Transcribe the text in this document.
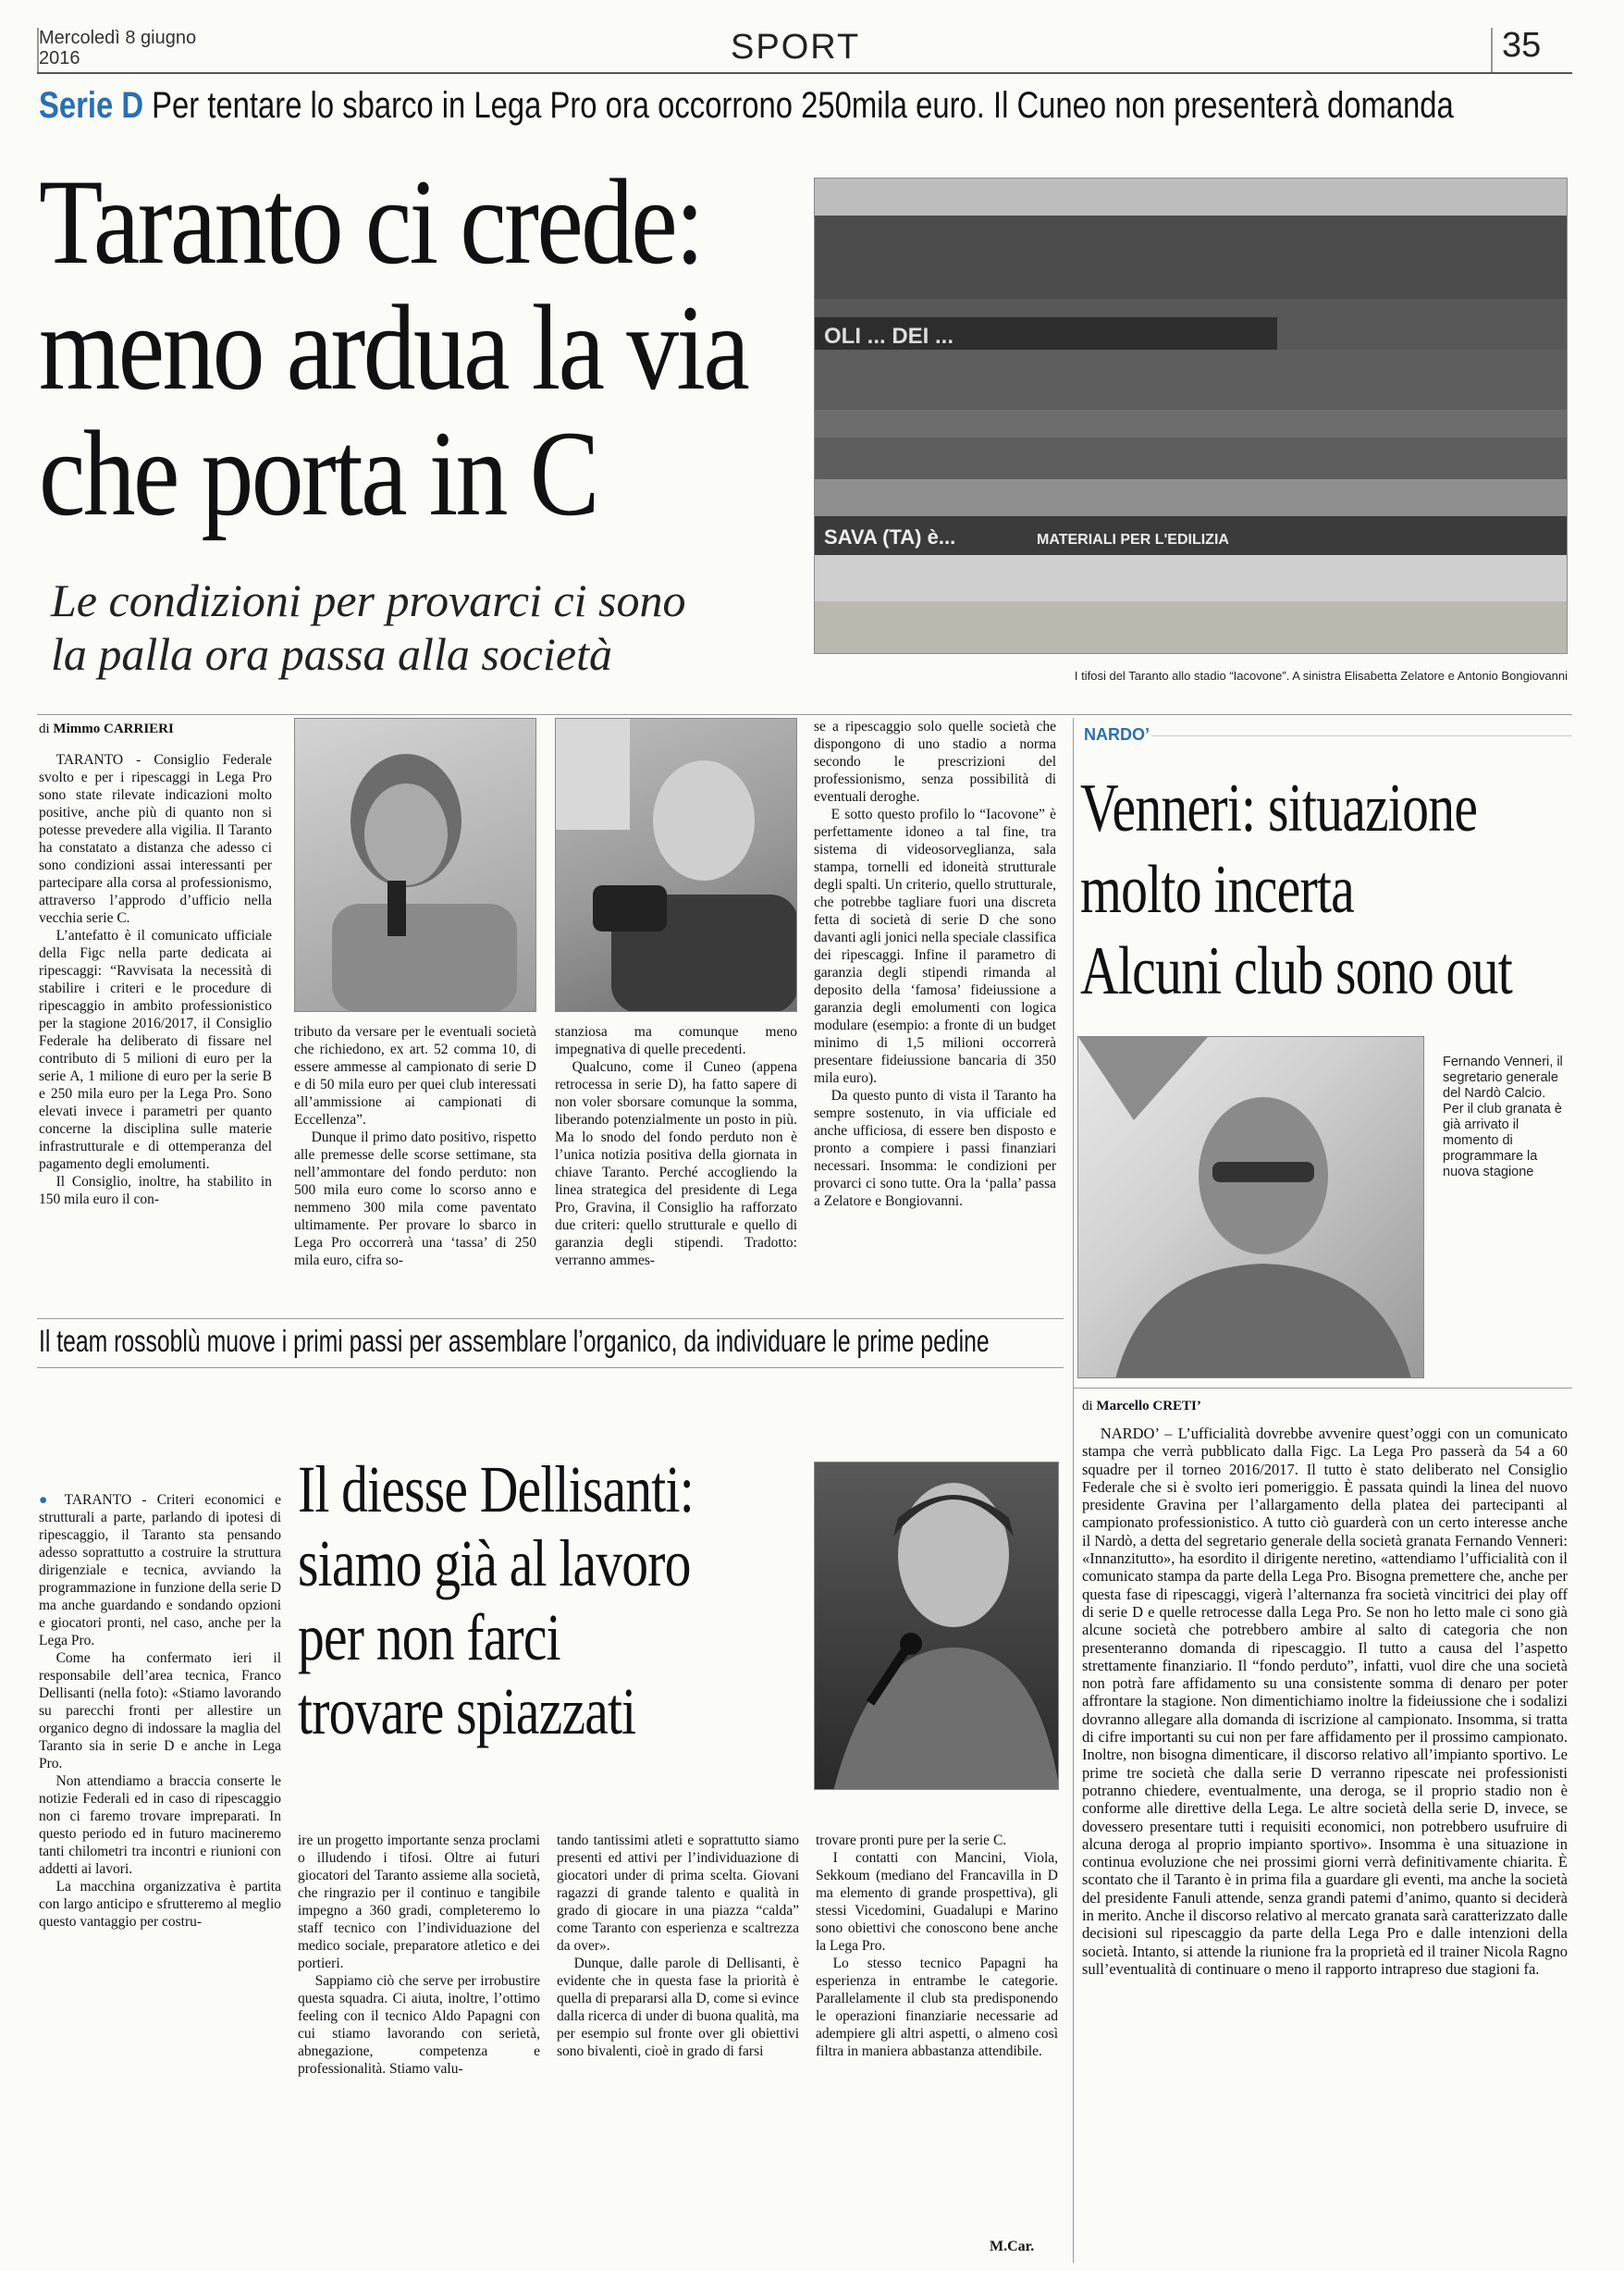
Mercoledì 8 giugno
2016	SPORT	35
Serie D Per tentare lo sbarco in Lega Pro ora occorrono 250mila euro. Il Cuneo non presenterà domanda
Taranto ci crede:
meno ardua la via
che porta in C
Le condizioni per provarci ci sono
la palla ora passa alla società
OLI ... DEI ...
SAVA (TA) è...	MATERIALI PER L'EDILIZIA
I tifosi del Taranto allo stadio “Iacovone”. A sinistra Elisabetta Zelatore e Antonio Bongiovanni
di Mimmo CARRIERI

TARANTO - Consiglio Federale svolto e per i ripescaggi in Lega Pro sono state rilevate indicazioni molto positive, anche più di quanto non si potesse prevedere alla vigilia. Il Taranto ha constatato a distanza che adesso ci sono condizioni assai interessanti per partecipare alla corsa al professionismo, attraverso l’approdo d’ufficio nella vecchia serie C.

L’antefatto è il comunicato ufficiale della Figc nella parte dedicata ai ripescaggi: “Ravvisata la necessità di stabilire i criteri e le procedure di ripescaggio in ambito professionistico per la stagione 2016/2017, il Consiglio Federale ha deliberato di fissare nel contributo di 5 milioni di euro per la serie A, 1 milione di euro per la serie B e 250 mila euro per la Lega Pro. Sono elevati invece i parametri per quanto concerne la disciplina sulle materie infrastrutturale e di ottemperanza del pagamento degli emolumenti.

Il Consiglio, inoltre, ha stabilito in 150 mila euro il con-

tributo da versare per le eventuali società che richiedono, ex art. 52 comma 10, di essere ammesse al campionato di serie D e di 50 mila euro per quei club interessati all’ammissione ai campionati di Eccellenza”.

Dunque il primo dato positivo, rispetto alle premesse delle scorse settimane, sta nell’ammontare del fondo perduto: non 500 mila euro come lo scorso anno e nemmeno 300 mila come paventato ultimamente. Per provare lo sbarco in Lega Pro occorrerà una ‘tassa’ di 250 mila euro, cifra so-

stanziosa ma comunque meno impegnativa di quelle precedenti.

Qualcuno, come il Cuneo (appena retrocessa in serie D), ha fatto sapere di non voler sborsare comunque la somma, liberando potenzialmente un posto in più. Ma lo snodo del fondo perduto non è l’unica notizia positiva della giornata in chiave Taranto. Perché accogliendo la linea strategica del presidente di Lega Pro, Gravina, il Consiglio ha rafforzato due criteri: quello strutturale e quello di garanzia degli stipendi. Tradotto: verranno ammes-

se a ripescaggio solo quelle società che dispongono di uno stadio a norma secondo le prescrizioni del professionismo, senza possibilità di eventuali deroghe.

E sotto questo profilo lo “Iacovone” è perfettamente idoneo a tal fine, tra sistema di videosorveglianza, sala stampa, tornelli ed idoneità strutturale degli spalti. Un criterio, quello strutturale, che potrebbe tagliare fuori una discreta fetta di società di serie D che sono davanti agli jonici nella speciale classifica dei ripescaggi. Infine il parametro di garanzia degli stipendi rimanda al deposito della ‘famosa’ fideiussione a garanzia degli emolumenti con logica modulare (esempio: a fronte di un budget minimo di 1,5 milioni occorrerà presentare fideiussione bancaria di 350 mila euro).

Da questo punto di vista il Taranto ha sempre sostenuto, in via ufficiale ed anche ufficiosa, di essere ben disposto e pronto a compiere i passi finanziari necessari. Insomma: le condizioni per provarci ci sono tutte. Ora la ‘palla’ passa a Zelatore e Bongiovanni.

NARDO’
Venneri: situazione
molto incerta
Alcuni club sono out
Fernando Venneri, il segretario generale del Nardò Calcio. Per il club granata è già arrivato il momento di programmare la nuova stagione
di Marcello CRETI’

NARDO’ – L’ufficialità dovrebbe avvenire quest’oggi con un comunicato stampa che verrà pubblicato dalla Figc. La Lega Pro passerà da 54 a 60 squadre per il torneo 2016/2017. Il tutto è stato deliberato nel Consiglio Federale che si è svolto ieri pomeriggio. È passata quindi la linea del nuovo presidente Gravina per l’allargamento della platea dei partecipanti al campionato professionistico. A tutto ciò guarderà con un certo interesse anche il Nardò, a detta del segretario generale della società granata Fernando Venneri: «Innanzitutto», ha esordito il dirigente neretino, «attendiamo l’ufficialità con il comunicato stampa da parte della Lega Pro. Bisogna premettere che, anche per questa fase di ripescaggi, vigerà l’alternanza fra società vincitrici dei play off di serie D e quelle retrocesse dalla Lega Pro. Se non ho letto male ci sono già alcune società che potrebbero ambire al salto di categoria che non presenteranno domanda di ripescaggio. Il tutto a causa del l’aspetto strettamente finanziario. Il “fondo perduto”, infatti, vuol dire che una società non potrà fare affidamento su una consistente somma di denaro per poter affrontare la stagione. Non dimentichiamo inoltre la fideiussione che i sodalizi dovranno allegare alla domanda di iscrizione al campionato. Insomma, si tratta di cifre importanti su cui non per fare affidamento per il prossimo campionato. Inoltre, non bisogna dimenticare, il discorso relativo all’impianto sportivo. Le prime tre società che dalla serie D verranno ripescate nei professionisti potranno chiedere, eventualmente, una deroga, se il proprio stadio non è conforme alle direttive della Lega. Le altre società della serie D, invece, se dovessero presentare tutti i requisiti economici, non potrebbero usufruire di alcuna deroga al proprio impianto sportivo». Insomma è una situazione in continua evoluzione che nei prossimi giorni verrà definitivamente chiarita. È scontato che il Taranto è in prima fila a guardare gli eventi, ma anche la società del presidente Fanuli attende, senza grandi patemi d’animo, quanto si deciderà in merito. Anche il discorso relativo al mercato granata sarà caratterizzato dalle decisioni sul ripescaggio da parte della Lega Pro e dalle intenzioni della società. Intanto, si attende la riunione fra la proprietà ed il trainer Nicola Ragno sull’eventualità di continuare o meno il rapporto intrapreso due stagioni fa.

Il team rossoblù muove i primi passi per assemblare l’organico, da individuare le prime pedine
Il diesse Dellisanti:
siamo già al lavoro
per non farci
trovare spiazzati

● TARANTO - Criteri economici e strutturali a parte, parlando di ipotesi di ripescaggio, il Taranto sta pensando adesso soprattutto a costruire la struttura dirigenziale e tecnica, avviando la programmazione in funzione della serie D ma anche guardando e sondando opzioni e giocatori pronti, nel caso, anche per la Lega Pro.

Come ha confermato ieri il responsabile dell’area tecnica, Franco Dellisanti (nella foto): «Stiamo lavorando su parecchi fronti per allestire un organico degno di indossare la maglia del Taranto sia in serie D e anche in Lega Pro.

Non attendiamo a braccia conserte le notizie Federali ed in caso di ripescaggio non ci faremo trovare impreparati. In questo periodo ed in futuro macineremo tanti chilometri tra incontri e riunioni con addetti ai lavori.

La macchina organizzativa è partita con largo anticipo e sfrutteremo al meglio questo vantaggio per costru-

ire un progetto importante senza proclami o illudendo i tifosi. Oltre ai futuri giocatori del Taranto assieme alla società, che ringrazio per il continuo e tangibile impegno a 360 gradi, completeremo lo staff tecnico con l’individuazione del medico sociale, preparatore atletico e dei portieri.

Sappiamo ciò che serve per irrobustire questa squadra. Ci aiuta, inoltre, l’ottimo feeling con il tecnico Aldo Papagni con cui stiamo lavorando con serietà, abnegazione, competenza e professionalità. Stiamo valu-

tando tantissimi atleti e soprattutto siamo presenti ed attivi per l’individuazione di giocatori under di prima scelta. Giovani ragazzi di grande talento e qualità in grado di giocare in una piazza “calda” come Taranto con esperienza e scaltrezza da over».

Dunque, dalle parole di Dellisanti, è evidente che in questa fase la priorità è quella di prepararsi alla D, come si evince dalla ricerca di under di buona qualità, ma per esempio sul fronte over gli obiettivi sono bivalenti, cioè in grado di farsi

trovare pronti pure per la serie C.

I contatti con Mancini, Viola, Sekkoum (mediano del Francavilla in D ma elemento di grande prospettiva), gli stessi Vicedomini, Guadalupi e Marino sono obiettivi che conoscono bene anche la Lega Pro.

Lo stesso tecnico Papagni ha esperienza in entrambe le categorie. Parallelamente il club sta predisponendo le operazioni finanziarie necessarie ad adempiere gli altri aspetti, o almeno così filtra in maniera abbastanza attendibile.

M.Car.
